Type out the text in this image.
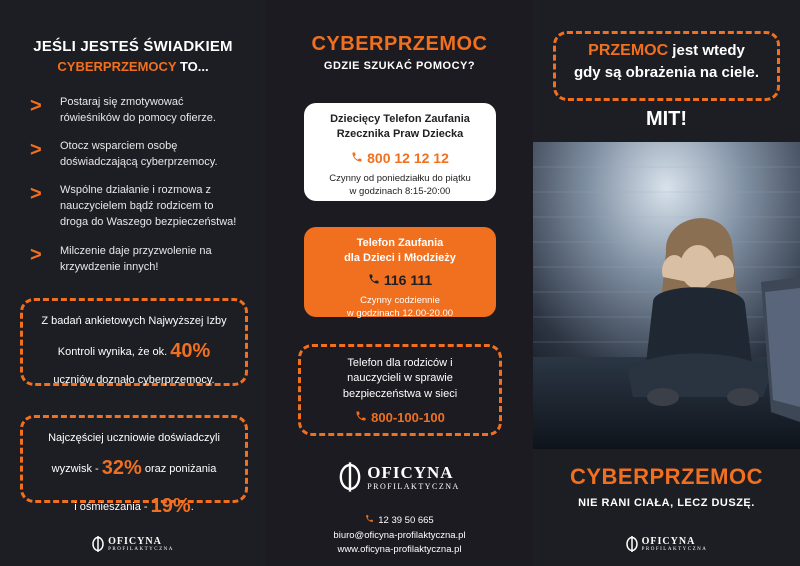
JEŚLI JESTEŚ ŚWIADKIEM
CYBERPRZEMOCY TO...
>	Postaraj się zmotywować rówieśników do pomocy ofierze.
>	Otocz wsparciem osobę doświadczającą cyberprzemocy.
>	Wspólne działanie i rozmowa z nauczycielem bądź rodzicem to droga do Waszego bezpieczeństwa!
>	Milczenie daje przyzwolenie na krzywdzenie innych!
Z badań ankietowych Najwyższej Izby
Kontroli wynika, że ok. 40%
uczniów doznało cyberprzemocy.
Najczęściej uczniowie doświadczyli
wyzwisk - 32% oraz poniżania
i ośmieszania - 19%.
OFICYNA
PROFILAKTYCZNA
CYBERPRZEMOC
GDZIE SZUKAĆ POMOCY?
Dziecięcy Telefon Zaufania
Rzecznika Praw Dziecka
800 12 12 12
Czynny od poniedziałku do piątku
w godzinach 8:15-20:00
Telefon Zaufania
dla Dzieci i Młodzieży
116 111
Czynny codziennie
w godzinach 12.00-20.00
Telefon dla rodziców i
nauczycieli w sprawie
bezpieczeństwa w sieci
800-100-100
OFICYNA
PROFILAKTYCZNA
12 39 50 665
biuro@oficyna-profilaktyczna.pl
www.oficyna-profilaktyczna.pl
PRZEMOC jest wtedy
gdy są obrażenia na ciele.
MIT!
CYBERPRZEMOC
NIE RANI CIAŁA, LECZ DUSZĘ.
OFICYNA
PROFILAKTYCZNA
